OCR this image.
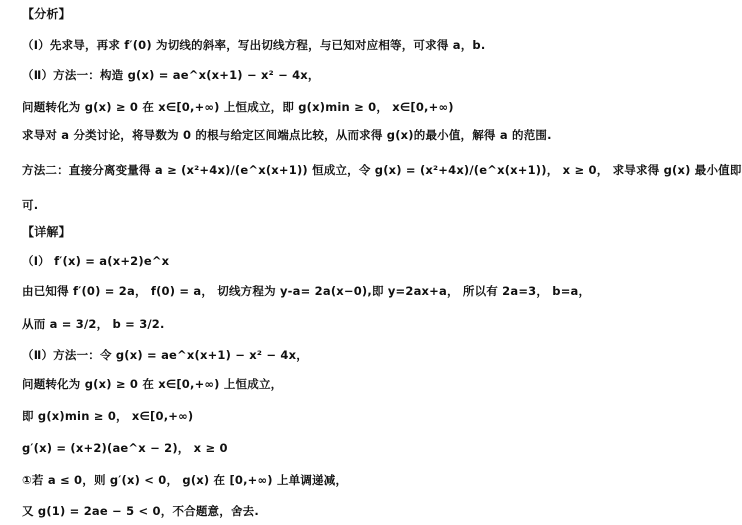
【分析】
（Ⅰ）先求导，再求 f′(0) 为切线的斜率，写出切线方程，与已知对应相等，可求得 a，b.
（Ⅱ）方法一：构造 g(x) = ae^x(x+1) − x² − 4x，
问题转化为 g(x) ≥ 0 在 x∈[0,+∞) 上恒成立，即 g(x)min ≥ 0， x∈[0,+∞)
求导对 a 分类讨论，将导数为 0 的根与给定区间端点比较，从而求得 g(x)的最小值，解得 a 的范围.
方法二：直接分离变量得 a ≥ (x²+4x)/(e^x(x+1)) 恒成立，令 g(x) = (x²+4x)/(e^x(x+1))， x ≥ 0， 求导求得 g(x) 最小值即
可.
【详解】
（Ⅰ） f′(x) = a(x+2)e^x
由已知得 f′(0) = 2a， f(0) = a， 切线方程为 y-a= 2a(x−0),即 y=2ax+a， 所以有 2a=3， b=a，
从而 a = 3/2， b = 3/2.
（Ⅱ）方法一：令 g(x) = ae^x(x+1) − x² − 4x，
问题转化为 g(x) ≥ 0 在 x∈[0,+∞) 上恒成立，
即 g(x)min ≥ 0， x∈[0,+∞)
g′(x) = (x+2)(ae^x − 2)， x ≥ 0
①若 a ≤ 0，则 g′(x) < 0， g(x) 在 [0,+∞) 上单调递减，
又 g(1) = 2ae − 5 < 0，不合题意，舍去.
